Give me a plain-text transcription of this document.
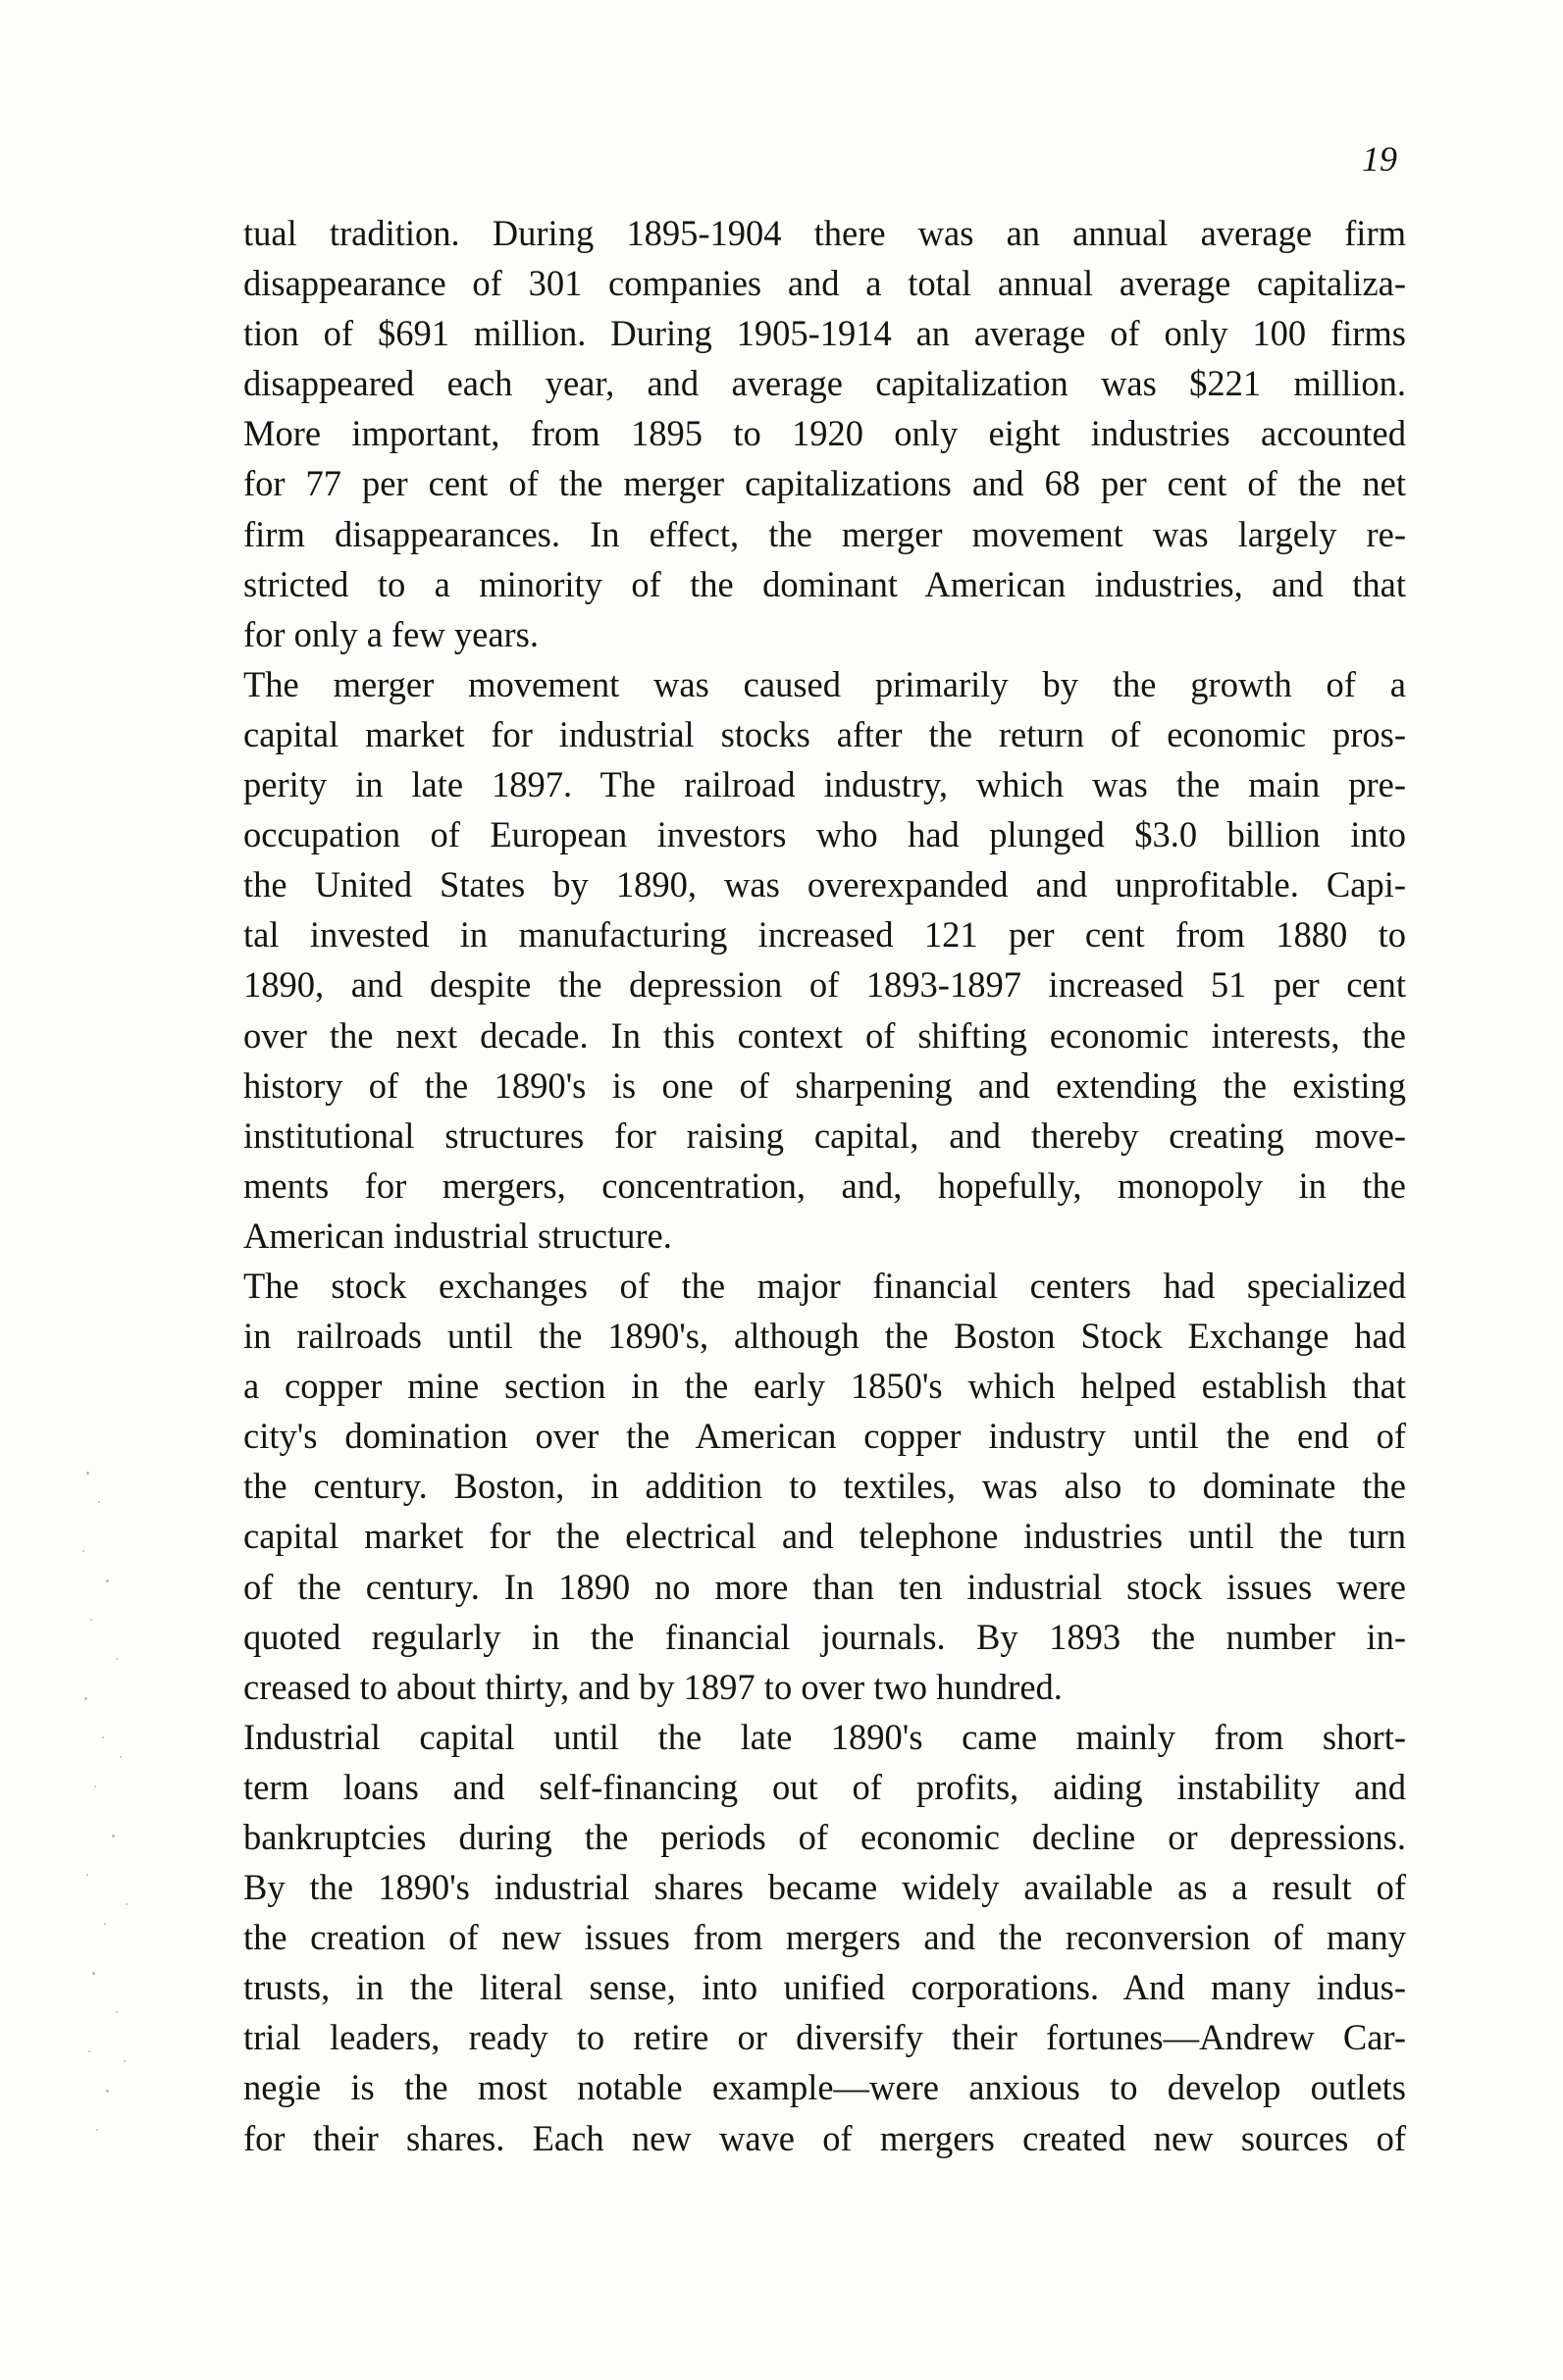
19
tual tradition. During 1895-1904 there was an annual average firm
disappearance of 301 companies and a total annual average capitaliza-
tion of $691 million. During 1905-1914 an average of only 100 firms
disappeared each year, and average capitalization was $221 million.
More important, from 1895 to 1920 only eight industries accounted
for 77 per cent of the merger capitalizations and 68 per cent of the net
firm disappearances. In effect, the merger movement was largely re-
stricted to a minority of the dominant American industries, and that
for only a few years.
The merger movement was caused primarily by the growth of a
capital market for industrial stocks after the return of economic pros-
perity in late 1897. The railroad industry, which was the main pre-
occupation of European investors who had plunged $3.0 billion into
the United States by 1890, was overexpanded and unprofitable. Capi-
tal invested in manufacturing increased 121 per cent from 1880 to
1890, and despite the depression of 1893-1897 increased 51 per cent
over the next decade. In this context of shifting economic interests, the
history of the 1890's is one of sharpening and extending the existing
institutional structures for raising capital, and thereby creating move-
ments for mergers, concentration, and, hopefully, monopoly in the
American industrial structure.
The stock exchanges of the major financial centers had specialized
in railroads until the 1890's, although the Boston Stock Exchange had
a copper mine section in the early 1850's which helped establish that
city's domination over the American copper industry until the end of
the century. Boston, in addition to textiles, was also to dominate the
capital market for the electrical and telephone industries until the turn
of the century. In 1890 no more than ten industrial stock issues were
quoted regularly in the financial journals. By 1893 the number in-
creased to about thirty, and by 1897 to over two hundred.
Industrial capital until the late 1890's came mainly from short-
term loans and self-financing out of profits, aiding instability and
bankruptcies during the periods of economic decline or depressions.
By the 1890's industrial shares became widely available as a result of
the creation of new issues from mergers and the reconversion of many
trusts, in the literal sense, into unified corporations. And many indus-
trial leaders, ready to retire or diversify their fortunes—Andrew Car-
negie is the most notable example—were anxious to develop outlets
for their shares. Each new wave of mergers created new sources of
